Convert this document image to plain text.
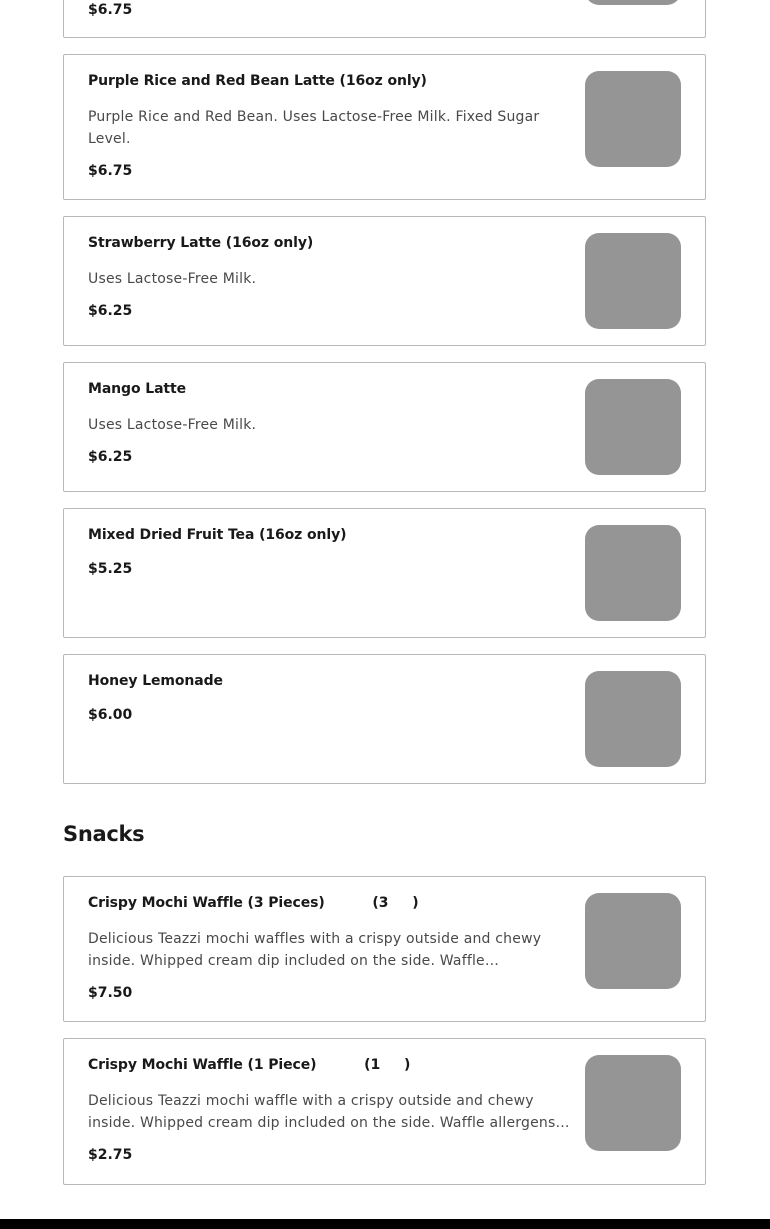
$6.75
Purple Rice and Red Bean Latte (16oz only)
Purple Rice and Red Bean. Uses Lactose-Free Milk. Fixed Sugar Level.
$6.75
Strawberry Latte (16oz only)
Uses Lactose-Free Milk.
$6.25
Mango Latte
Uses Lactose-Free Milk.
$6.25
Mixed Dried Fruit Tea (16oz only)
$5.25
Honey Lemonade
$6.00
Snacks
Crispy Mochi Waffle (3 Pieces)          (3     )
Delicious Teazzi mochi waffles with a crispy outside and chewy inside. Whipped cream dip included on the side. Waffle
$7.50
Crispy Mochi Waffle (1 Piece)          (1     )
Delicious Teazzi mochi waffle with a crispy outside and chewy inside. Whipped cream dip included on the side. Waffle allergens:
$2.75
